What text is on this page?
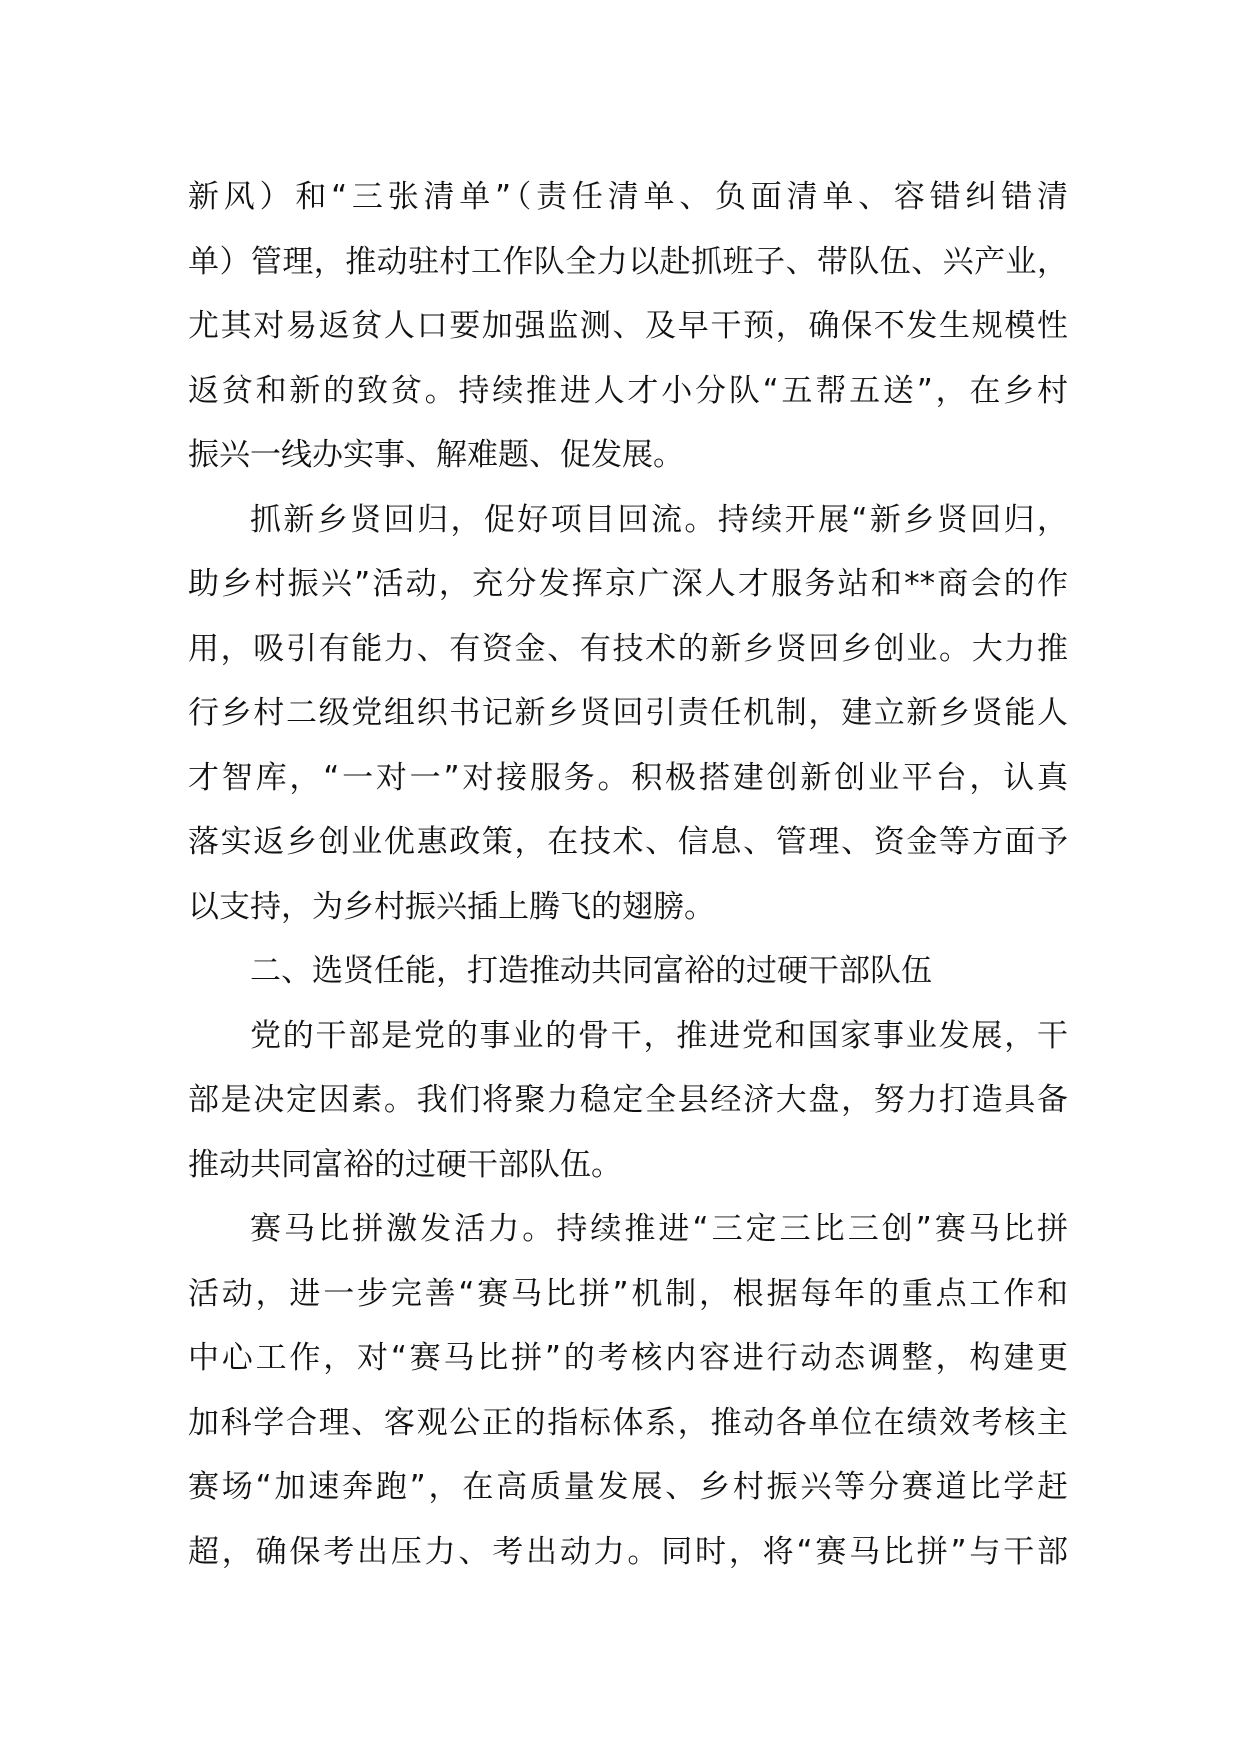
新风）和“三张清单”（责任清单、负面清单、容错纠错清
单）管理，推动驻村工作队全力以赴抓班子、带队伍、兴产业，
尤其对易返贫人口要加强监测、及早干预，确保不发生规模性
返贫和新的致贫。持续推进人才小分队“五帮五送”，在乡村
振兴一线办实事、解难题、促发展。
抓新乡贤回归，促好项目回流。持续开展“新乡贤回归，
助乡村振兴”活动，充分发挥京广深人才服务站和**商会的作
用，吸引有能力、有资金、有技术的新乡贤回乡创业。大力推
行乡村二级党组织书记新乡贤回引责任机制，建立新乡贤能人
才智库，“一对一”对接服务。积极搭建创新创业平台，认真
落实返乡创业优惠政策，在技术、信息、管理、资金等方面予
以支持，为乡村振兴插上腾飞的翅膀。
二、选贤任能，打造推动共同富裕的过硬干部队伍
党的干部是党的事业的骨干，推进党和国家事业发展，干
部是决定因素。我们将聚力稳定全县经济大盘，努力打造具备
推动共同富裕的过硬干部队伍。
赛马比拼激发活力。持续推进“三定三比三创”赛马比拼
活动，进一步完善“赛马比拼”机制，根据每年的重点工作和
中心工作，对“赛马比拼”的考核内容进行动态调整，构建更
加科学合理、客观公正的指标体系，推动各单位在绩效考核主
赛场“加速奔跑”，在高质量发展、乡村振兴等分赛道比学赶
超，确保考出压力、考出动力。同时，将“赛马比拼”与干部
